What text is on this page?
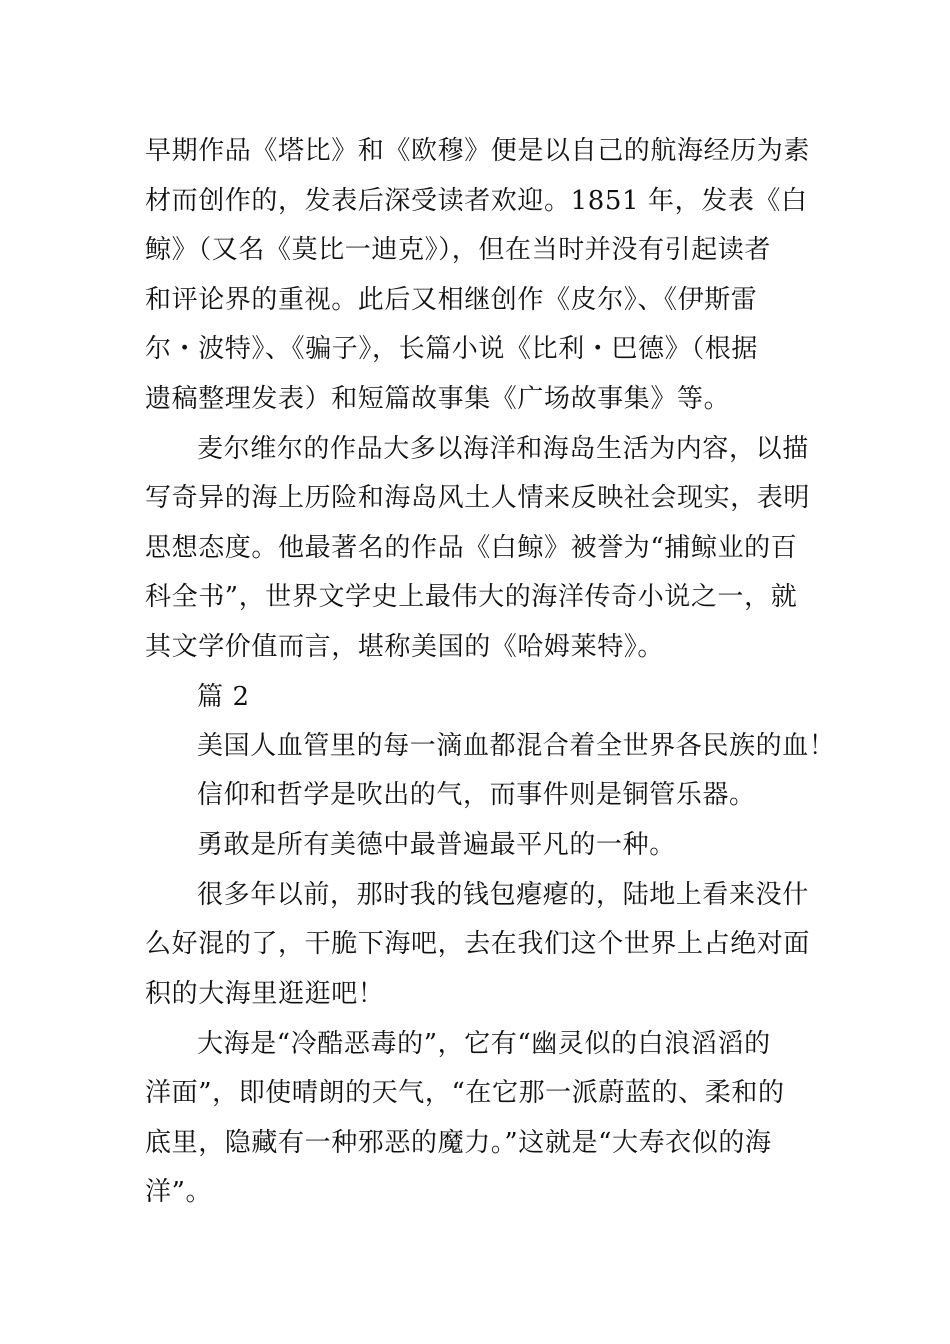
早期作品《塔比》和《欧穆》便是以自己的航海经历为素
材而创作的，发表后深受读者欢迎。1851 年，发表《白
鲸》（又名《莫比一迪克》），但在当时并没有引起读者
和评论界的重视。此后又相继创作《皮尔》、《伊斯雷
尔・波特》、《骗子》，长篇小说《比利・巴德》（根据
遗稿整理发表）和短篇故事集《广场故事集》等。
麦尔维尔的作品大多以海洋和海岛生活为内容，以描
写奇异的海上历险和海岛风土人情来反映社会现实，表明
思想态度。他最著名的作品《白鲸》被誉为“捕鲸业的百
科全书”，世界文学史上最伟大的海洋传奇小说之一，就
其文学价值而言，堪称美国的《哈姆莱特》。
篇 2
美国人血管里的每一滴血都混合着全世界各民族的血！
信仰和哲学是吹出的气，而事件则是铜管乐器。
勇敢是所有美德中最普遍最平凡的一种。
很多年以前，那时我的钱包瘪瘪的，陆地上看来没什
么好混的了，干脆下海吧，去在我们这个世界上占绝对面
积的大海里逛逛吧！
大海是“冷酷恶毒的”，它有“幽灵似的白浪滔滔的
洋面”，即使晴朗的天气，“在它那一派蔚蓝的、柔和的
底里，隐藏有一种邪恶的魔力。”这就是“大寿衣似的海
洋”。
